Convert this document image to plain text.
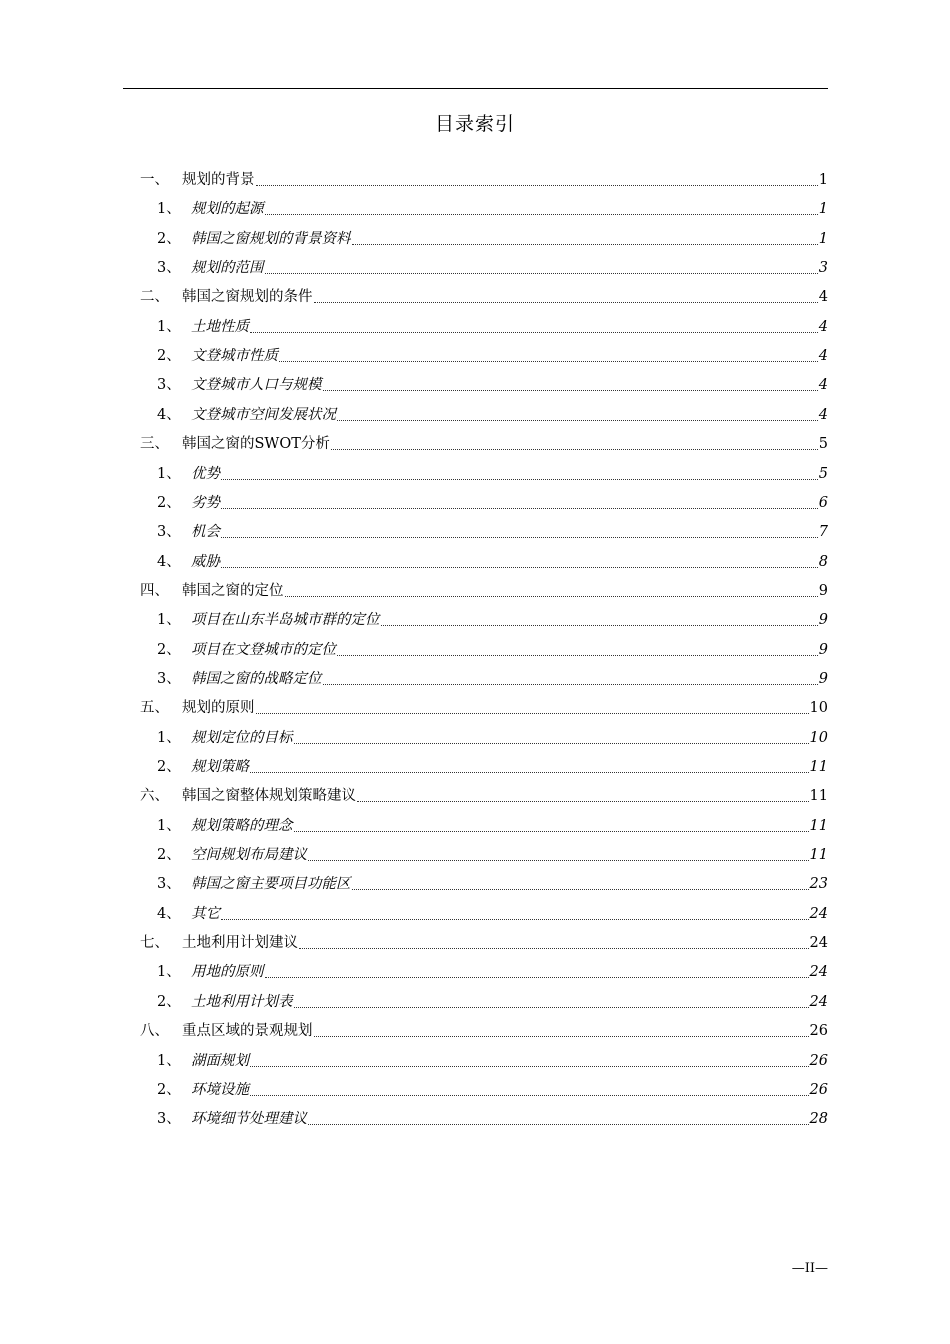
目录索引
一、 规划的背景	1
1、 规划的起源	1
2、 韩国之窗规划的背景资料	1
3、 规划的范围	3
二、 韩国之窗规划的条件	4
1、 土地性质	4
2、 文登城市性质	4
3、 文登城市人口与规模	4
4、 文登城市空间发展状况	4
三、 韩国之窗的SWOT分析	5
1、 优势	5
2、 劣势	6
3、 机会	7
4、 威胁	8
四、 韩国之窗的定位	9
1、 项目在山东半岛城市群的定位	9
2、 项目在文登城市的定位	9
3、 韩国之窗的战略定位	9
五、 规划的原则	10
1、 规划定位的目标	10
2、 规划策略	11
六、 韩国之窗整体规划策略建议	11
1、 规划策略的理念	11
2、 空间规划布局建议	11
3、 韩国之窗主要项目功能区	23
4、 其它	24
七、 土地利用计划建议	24
1、 用地的原则	24
2、 土地利用计划表	24
八、 重点区域的景观规划	26
1、 湖面规划	26
2、 环境设施	26
3、 环境细节处理建议	28
—II—
